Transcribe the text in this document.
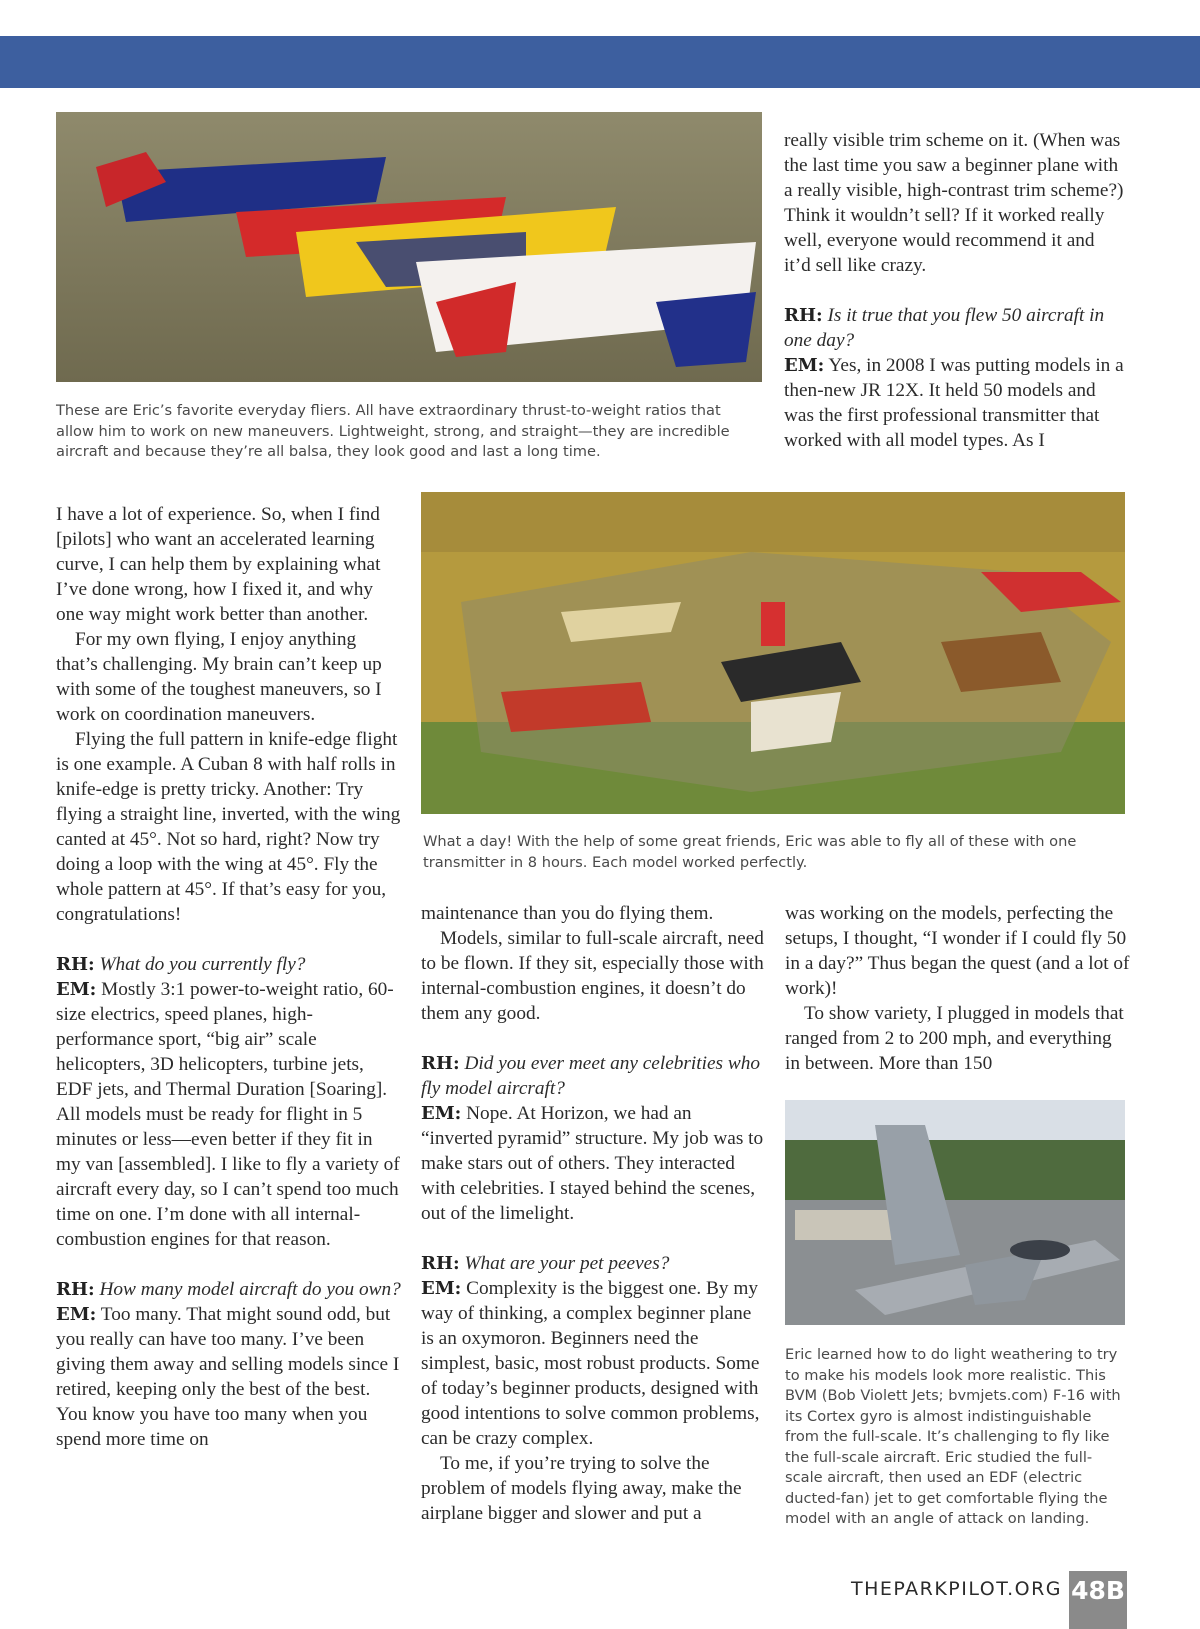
These are Eric’s favorite everyday fliers. All have extraordinary thrust-to-weight ratios that allow him to work on new maneuvers. Lightweight, strong, and straight—they are incredible aircraft and because they’re all balsa, they look good and last a long time.

really visible trim scheme on it. (When was the last time you saw a beginner plane with a really visible, high-contrast trim scheme?) Think it wouldn’t sell? If it worked really well, everyone would recommend it and it’d sell like crazy.

RH: Is it true that you flew 50 aircraft in one day?

EM: Yes, in 2008 I was putting models in a then-new JR 12X. It held 50 models and was the first professional transmitter that worked with all model types. As I

What a day! With the help of some great friends, Eric was able to fly all of these with one transmitter in 8 hours. Each model worked perfectly.
Eric learned how to do light weathering to try to make his models look more realistic. This BVM (Bob Violett Jets; bvmjets.com) F-16 with its Cortex gyro is almost indistinguishable from the full-scale. It’s challenging to fly like the full-scale aircraft. Eric studied the full-scale aircraft, then used an EDF (electric ducted-fan) jet to get comfortable flying the model with an angle of attack on landing.

I have a lot of experience. So, when I find [pilots] who want an accelerated learning curve, I can help them by explaining what I’ve done wrong, how I fixed it, and why one way might work better than another.

For my own flying, I enjoy anything that’s challenging. My brain can’t keep up with some of the toughest maneuvers, so I work on coordination maneuvers.

Flying the full pattern in knife-edge flight is one example. A Cuban 8 with half rolls in knife-edge is pretty tricky. Another: Try flying a straight line, inverted, with the wing canted at 45°. Not so hard, right? Now try doing a loop with the wing at 45°. Fly the whole pattern at 45°. If that’s easy for you, congratulations!

RH: What do you currently fly?

EM: Mostly 3:1 power-to-weight ratio, 60-size electrics, speed planes, high-performance sport, “big air” scale helicopters, 3D helicopters, turbine jets, EDF jets, and Thermal Duration [Soaring]. All models must be ready for flight in 5 minutes or less—even better if they fit in my van [assembled]. I like to fly a variety of aircraft every day, so I can’t spend too much time on one. I’m done with all internal-combustion engines for that reason.

RH: How many model aircraft do you own?

EM: Too many. That might sound odd, but you really can have too many. I’ve been giving them away and selling models since I retired, keeping only the best of the best. You know you have too many when you spend more time on

maintenance than you do flying them.

Models, similar to full-scale aircraft, need to be flown. If they sit, especially those with internal-combustion engines, it doesn’t do them any good.

RH: Did you ever meet any celebrities who fly model aircraft?

EM: Nope. At Horizon, we had an “inverted pyramid” structure. My job was to make stars out of others. They interacted with celebrities. I stayed behind the scenes, out of the limelight.

RH: What are your pet peeves?

EM: Complexity is the biggest one. By my way of thinking, a complex beginner plane is an oxymoron. Beginners need the simplest, basic, most robust products. Some of today’s beginner products, designed with good intentions to solve common problems, can be crazy complex.

To me, if you’re trying to solve the problem of models flying away, make the airplane bigger and slower and put a

was working on the models, perfecting the setups, I thought, “I wonder if I could fly 50 in a day?” Thus began the quest (and a lot of work)!

To show variety, I plugged in models that ranged from 2 to 200 mph, and everything in between. More than 150

THEPARKPILOT.ORG 48B
